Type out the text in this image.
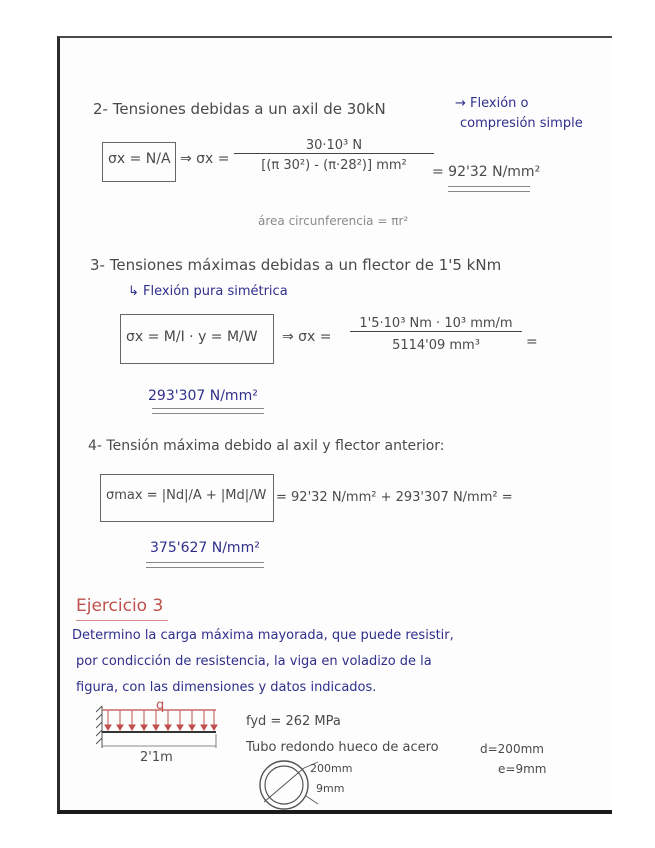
2- Tensiones debidas a un axil de 30kN	→ Flexión o
compresión simple
σx = N/A ⇒ $\sigma x = \frac{\text{30·10³ N}}{\text{[(π 30²) - (π·28²)] mm²}}$
= 92'32 N/mm²
área circunferencia = πr²
3- Tensiones máximas debidas a un flector de 1'5 kNm
↳ Flexión pura simétrica
σx = M/I · y = M/W ⇒ $\sigma x = \frac{\text{1'5·10³ Nm · 10³ mm/m}}{\text{5114'09 mm³}}$ =
293'307 N/mm²
4- Tensión máxima debido al axil y flector anterior:
σmax = |Nd|/A + |Md|/W = 92'32 N/mm² + 293'307 N/mm² =
375'627 N/mm²
Ejercicio 3
Determino la carga máxima mayorada, que puede resistir,
por condicción de resistencia, la viga en voladizo de la
figura, con las dimensiones y datos indicados.
q
2'1m
fyd = 262 MPa
Tubo redondo hueco de acero	d=200mm
e=9mm
200mm
9mm
